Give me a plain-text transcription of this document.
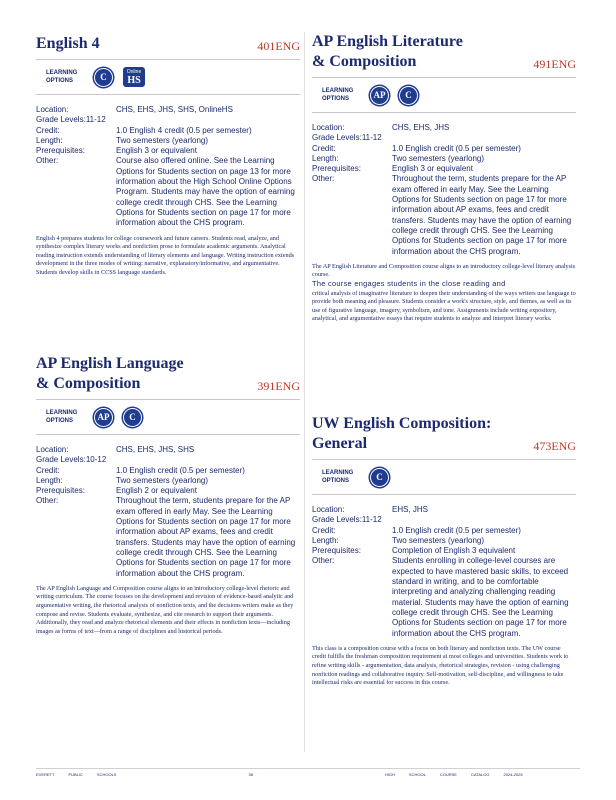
English 4	401ENG
LEARNING
OPTIONS	C
Online
HS
Location:	CHS, EHS, JHS, SHS, OnlineHS
Grade Levels: 11-12
Credit:	1.0 English 4 credit (0.5 per semester)
Length:	Two semesters (yearlong)
Prerequisites:	English 3 or equivalent
Other:	Course also offered online. See the Learning Options for Students section on page 13 for more information about the High School Online Options Program. Students may have the option of earning college credit through CHS. See the Learning Options for Students section on page 17 for more information about the CHS program.
English 4 prepares students for college coursework and future careers. Students read, analyze, and synthesize complex literary works and nonfiction prose to formulate academic arguments. Analytical reading instruction extends understanding of literary elements and language. Writing instruction extends development in the three modes of writing: narrative, explanatory/informative, and argumentative. Students develop skills in CCSS language standards.
AP English Language
& Composition	391ENG
LEARNING
OPTIONS	AP	C
Location:	CHS, EHS, JHS, SHS
Grade Levels: 10-12
Credit:	1.0 English credit (0.5 per semester)
Length:	Two semesters (yearlong)
Prerequisites:	English 2 or equivalent
Other:	Throughout the term, students prepare for the AP exam offered in early May. See the Learning Options for Students section on page 17 for more information about AP exams, fees and credit transfers. Students may have the option of earning college credit through CHS. See the Learning Options for Students section on page 17 for more information about the CHS program.
The AP English Language and Composition course aligns to an introductory college-level rhetoric and writing curriculum. The course focuses on the development and revision of evidence-based analytic and argumentative writing, the rhetorical analysis of nonfiction texts, and the decisions writers make as they compose and revise. Students evaluate, synthesize, and cite research to support their arguments. Additionally, they read and analyze rhetorical elements and their effects in nonfiction texts—including images as forms of text—from a range of disciplines and historical periods.
AP English Literature
& Composition	491ENG
LEARNING
OPTIONS	AP	C
Location:	CHS, EHS, JHS
Grade Levels: 11-12
Credit:	1.0 English credit (0.5 per semester)
Length:	Two semesters (yearlong)
Prerequisites:	English 3 or equivalent
Other:	Throughout the term, students prepare for the AP exam offered in early May. See the Learning Options for Students section on page 17 for more information about AP exams, fees and credit transfers. Students may have the option of earning college credit through CHS. See the Learning Options for Students section on page 17 for more information about the CHS program.
The AP English Literature and Composition course aligns to an introductory college-level literary analysis course.
The course engages students in the close reading and
critical analysis of imaginative literature to deepen their understanding of the ways writers use language to provide both meaning and pleasure. Students consider a work's structure, style, and themes, as well as its use of figurative language, imagery, symbolism, and tone. Assignments include writing expository, analytical, and argumentative essays that require students to analyze and interpret literary works.
UW English Composition:
General	473ENG
LEARNING
OPTIONS	C
Location:	EHS, JHS
Grade Levels: 11-12
Credit:	1.0 English credit (0.5 per semester)
Length:	Two semesters (yearlong)
Prerequisites:	Completion of English 3 equivalent
Other:	Students enrolling in college-level courses are expected to have mastered basic skills, to exceed standard in writing, and to be comfortable interpreting and analyzing challenging reading material. Students may have the option of earning college credit through CHS. See the Learning Options for Students section on page 17 for more information about the CHS program.
This class is a composition course with a focus on both literary and nonfiction texts. The UW course credit fulfills the freshman composition requirement at most colleges and universities. Students work to refine writing skills - argumentation, data analysis, rhetorical strategies, revision - using challenging nonfiction readings and collaborative inquiry. Self-motivation, self-discipline, and willingness to take intellectual risks are essential for success in this course.
EVERETT	PUBLIC	SCHOOLS	38	HIGH	SCHOOL	COURSE	CATALOG	2024-2025
